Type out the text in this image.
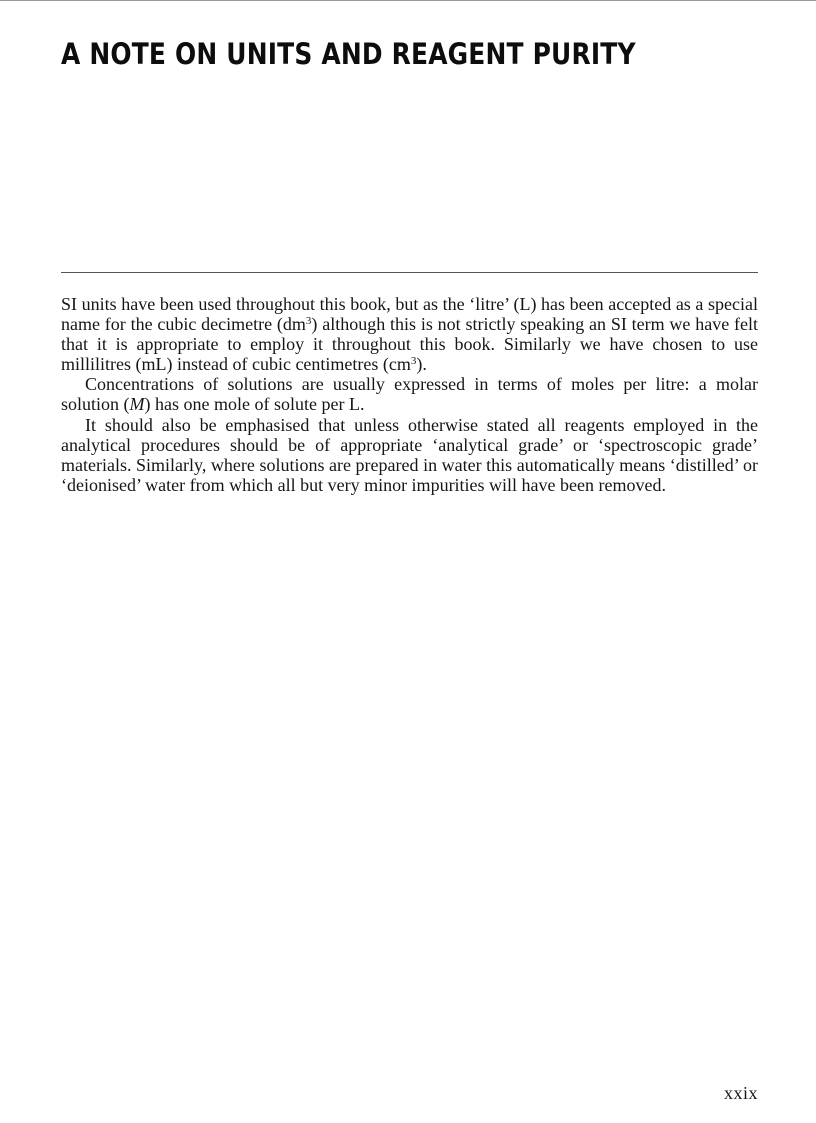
A NOTE ON UNITS AND REAGENT PURITY

SI units have been used throughout this book, but as the ‘litre’ (L) has been accepted as a special name for the cubic decimetre $(dm^3)$ although this is not strictly speaking an SI term we have felt that it is appropriate to employ it throughout this book. Similarly we have chosen to use millilitres (mL) instead of cubic centimetres $(cm^3)$.

Concentrations of solutions are usually expressed in terms of moles per litre: a molar solution (M) has one mole of solute per L.

It should also be emphasised that unless otherwise stated all reagents employed in the analytical procedures should be of appropriate ‘analytical grade’ or ‘spectroscopic grade’ materials. Similarly, where solutions are prepared in water this automatically means ‘distilled’ or ‘deionised’ water from which all but very minor impurities will have been removed.

xxix
